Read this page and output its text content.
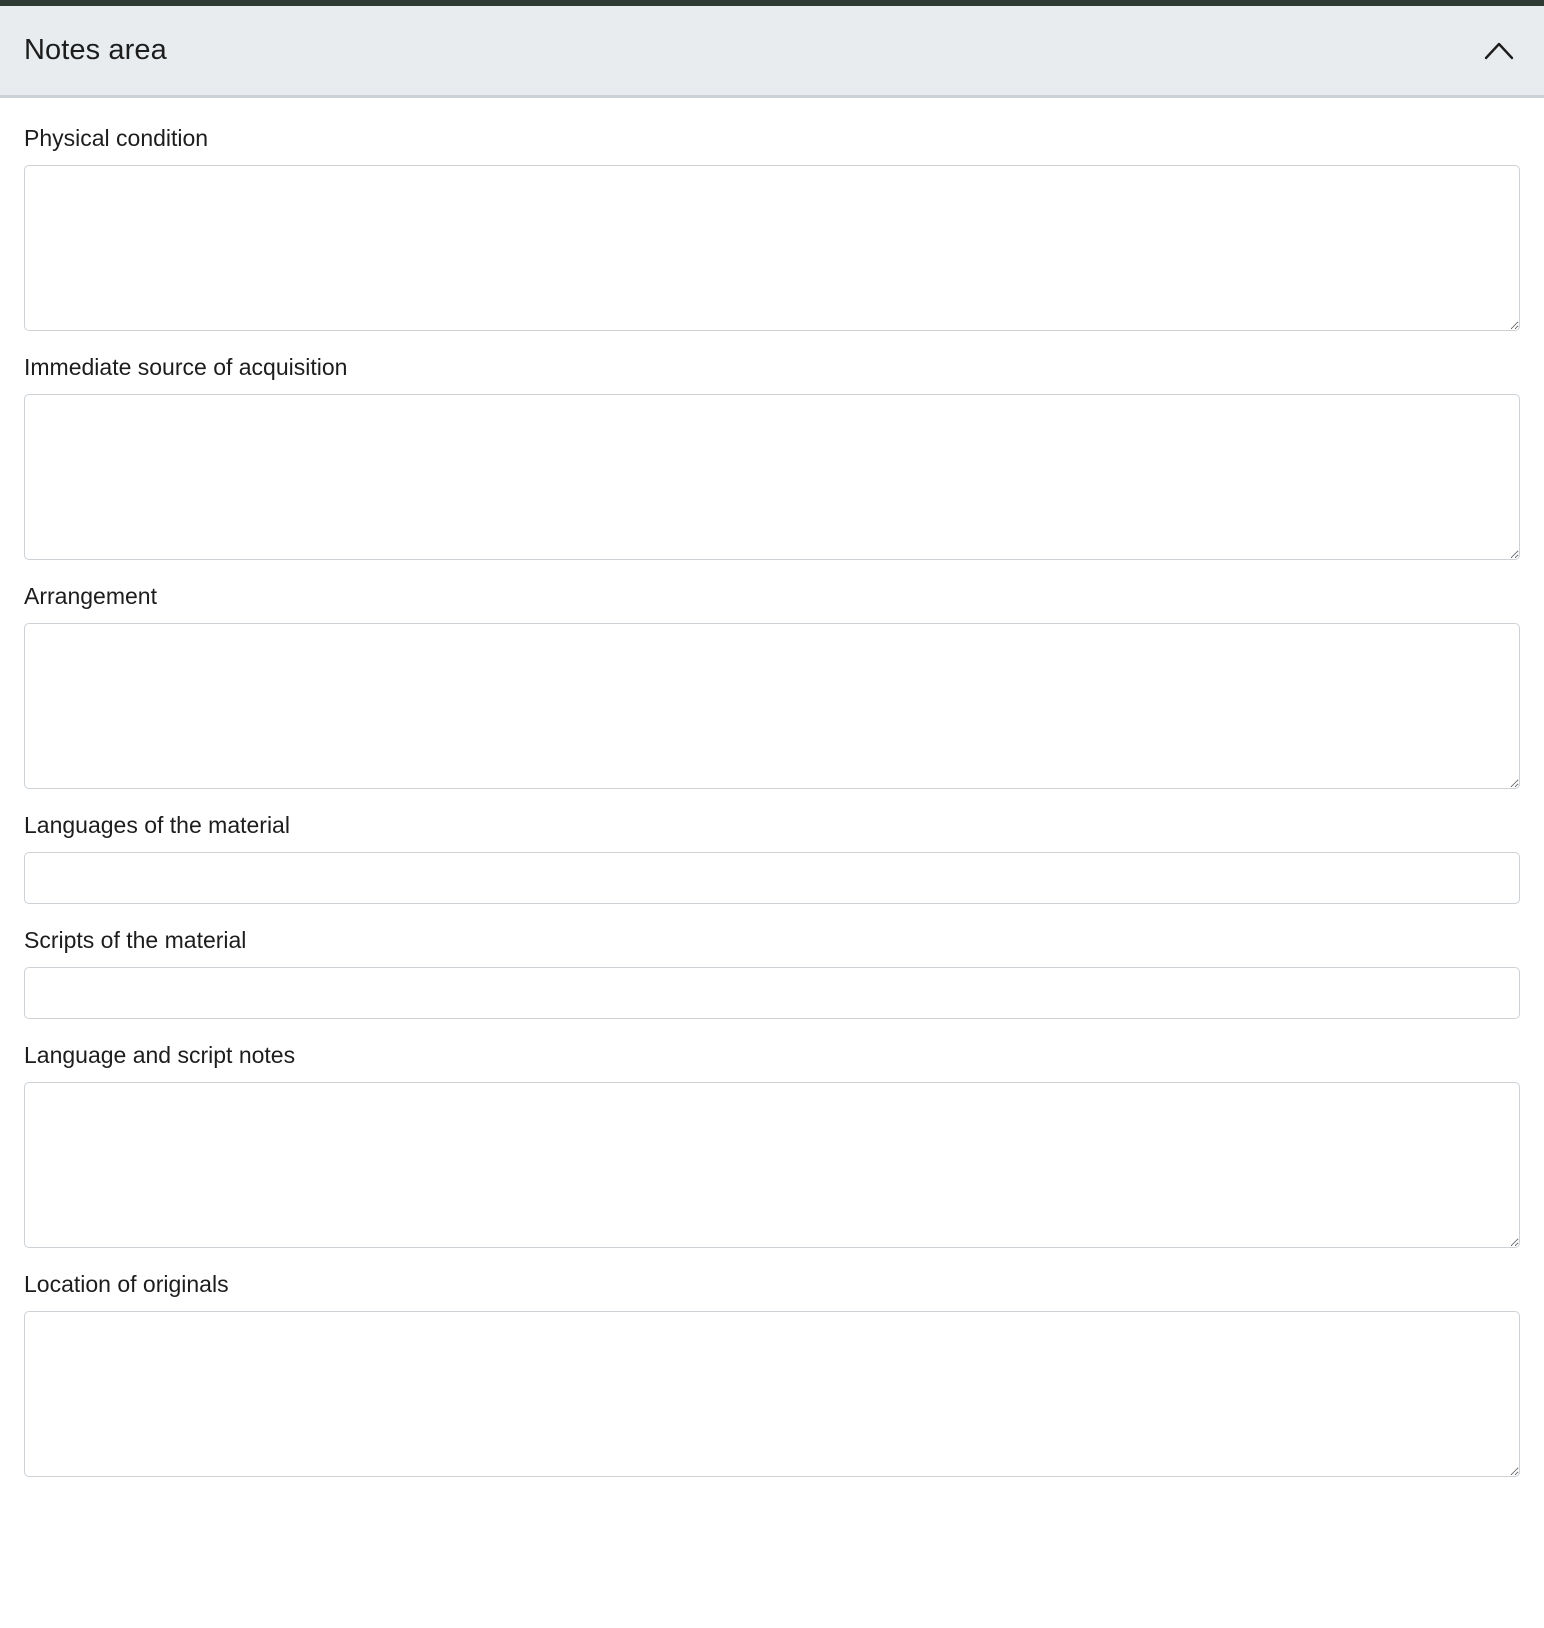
Notes area
Physical condition
Immediate source of acquisition
Arrangement
Languages of the material
Scripts of the material
Language and script notes
Location of originals
